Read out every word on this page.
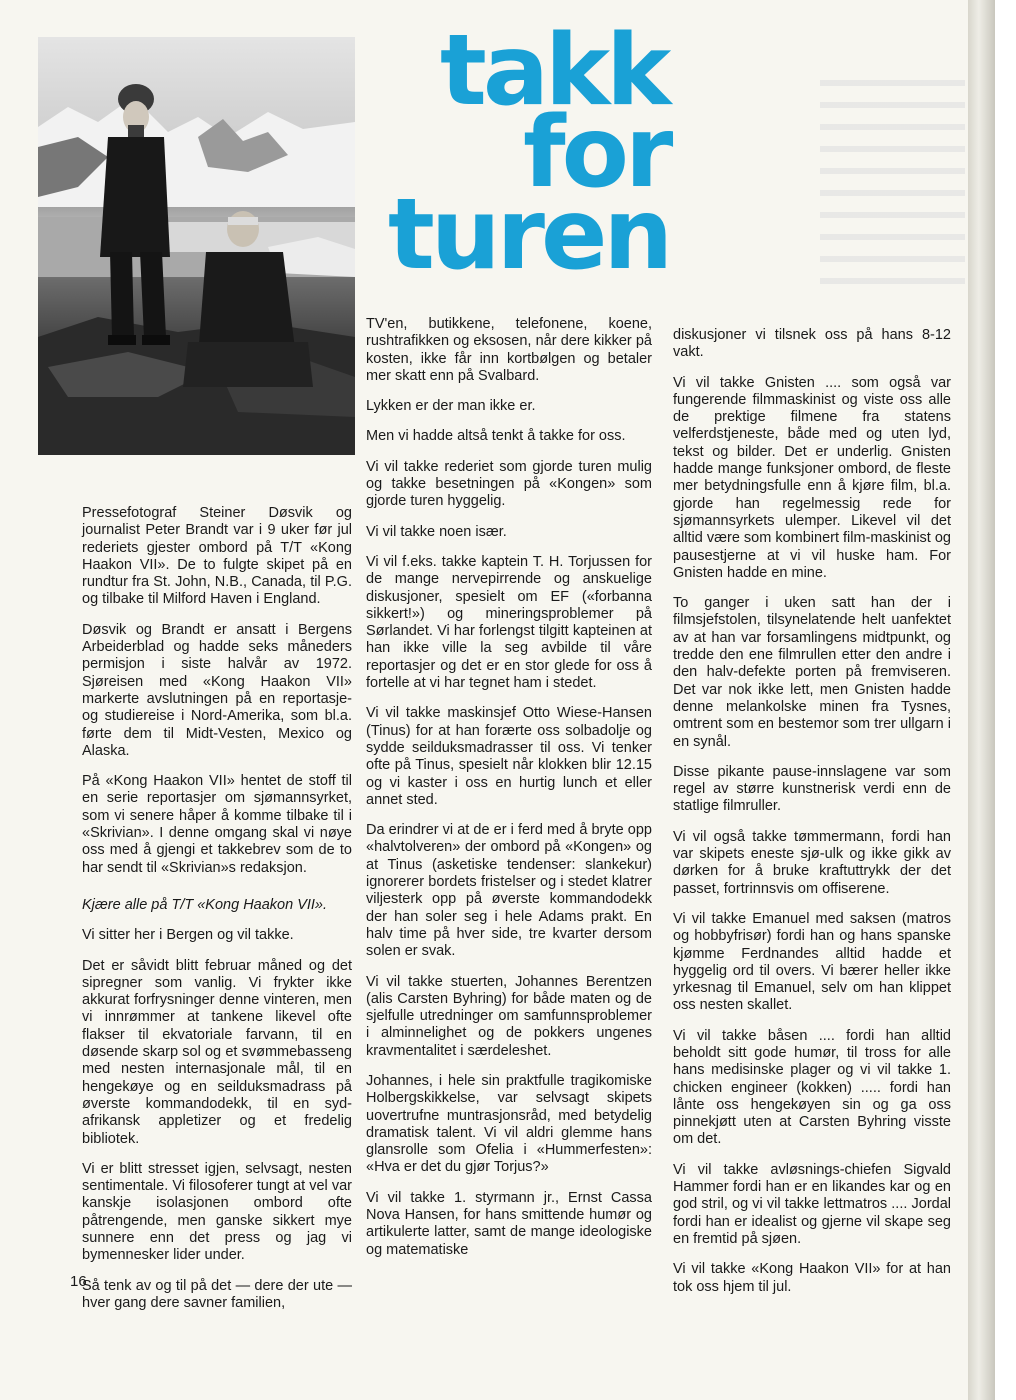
takk
for
turen

Pressefotograf Steiner Døsvik og journalist Peter Brandt var i 9 uker før jul rederiets gjester ombord på T/T «Kong Haakon VII». De to fulgte skipet på en rundtur fra St. John, N.B., Canada, til P.G. og tilbake til Milford Haven i England.

Døsvik og Brandt er ansatt i Bergens Arbeiderblad og hadde seks måneders permisjon i siste halvår av 1972. Sjøreisen med «Kong Haakon VII» markerte avslutningen på en reportasje- og studiereise i Nord-Amerika, som bl.a. førte dem til Midt-Vesten, Mexico og Alaska.

På «Kong Haakon VII» hentet de stoff til en serie reportasjer om sjømannsyrket, som vi senere håper å komme tilbake til i «Skrivian». I denne omgang skal vi nøye oss med å gjengi et takkebrev som de to har sendt til «Skrivian»s redaksjon.

Kjære alle på T/T «Kong Haakon VII».

Vi sitter her i Bergen og vil takke.

Det er såvidt blitt februar måned og det sipregner som vanlig. Vi frykter ikke akkurat forfrysninger denne vinteren, men vi innrømmer at tankene likevel ofte flakser til ekvatoriale farvann, til en døsende skarp sol og et svømmebasseng med nesten internasjonale mål, til en hengekøye og en seilduksmadrass på øverste kommandodekk, til en syd-afrikansk appletizer og et fredelig bibliotek.

Vi er blitt stresset igjen, selvsagt, nesten sentimentale. Vi filosoferer tungt at vel var kanskje isolasjonen ombord ofte påtrengende, men ganske sikkert mye sunnere enn det press og jag vi bymennesker lider under.

Så tenk av og til på det — dere der ute — hver gang dere savner familien,

TV'en, butikkene, telefonene, koene, rushtrafikken og eksosen, når dere kikker på kosten, ikke får inn kortbølgen og betaler mer skatt enn på Svalbard.

Lykken er der man ikke er.

Men vi hadde altså tenkt å takke for oss.

Vi vil takke rederiet som gjorde turen mulig og takke besetningen på «Kongen» som gjorde turen hyggelig.

Vi vil takke noen især.

Vi vil f.eks. takke kaptein T. H. Torjussen for de mange nervepirrende og anskuelige diskusjoner, spesielt om EF («forbanna sikkert!») og mineringsproblemer på Sørlandet. Vi har forlengst tilgitt kapteinen at han ikke ville la seg avbilde til våre reportasjer og det er en stor glede for oss å fortelle at vi har tegnet ham i stedet.

Vi vil takke maskinsjef Otto Wiese-Hansen (Tinus) for at han forærte oss solbadolje og sydde seilduksmadrasser til oss. Vi tenker ofte på Tinus, spesielt når klokken blir 12.15 og vi kaster i oss en hurtig lunch et eller annet sted.

Da erindrer vi at de er i ferd med å bryte opp «halvtolveren» der ombord på «Kongen» og at Tinus (asketiske tendenser: slankekur) ignorerer bordets fristelser og i stedet klatrer viljesterk opp på øverste kommandodekk der han soler seg i hele Adams prakt. En halv time på hver side, tre kvarter dersom solen er svak.

Vi vil takke stuerten, Johannes Berentzen (alis Carsten Byhring) for både maten og de sjelfulle utredninger om samfunnsproblemer i alminnelighet og de pokkers ungenes kravmentalitet i særdeleshet.

Johannes, i hele sin praktfulle tragikomiske Holbergskikkelse, var selvsagt skipets uovertrufne muntrasjonsråd, med betydelig dramatisk talent. Vi vil aldri glemme hans glansrolle som Ofelia i «Hummerfesten»: «Hva er det du gjør Torjus?»

Vi vil takke 1. styrmann jr., Ernst Cassa Nova Hansen, for hans smittende humør og artikulerte latter, samt de mange ideologiske og matematiske

diskusjoner vi tilsnek oss på hans 8-12 vakt.

Vi vil takke Gnisten .... som også var fungerende filmmaskinist og viste oss alle de prektige filmene fra statens velferdstjeneste, både med og uten lyd, tekst og bilder. Det er underlig. Gnisten hadde mange funksjoner ombord, de fleste mer betydningsfulle enn å kjøre film, bl.a. gjorde han regelmessig rede for sjømannsyrkets ulemper. Likevel vil det alltid være som kombinert film-maskinist og pausestjerne at vi vil huske ham. For Gnisten hadde en mine.

To ganger i uken satt han der i filmsjefstolen, tilsynelatende helt uanfektet av at han var forsamlingens midtpunkt, og tredde den ene filmrullen etter den andre i den halv-defekte porten på fremviseren. Det var nok ikke lett, men Gnisten hadde denne melankolske minen fra Tysnes, omtrent som en bestemor som trer ullgarn i en synål.

Disse pikante pause-innslagene var som regel av større kunstnerisk verdi enn de statlige filmruller.

Vi vil også takke tømmermann, fordi han var skipets eneste sjø-ulk og ikke gikk av dørken for å bruke kraftuttrykk der det passet, fortrinnsvis om offiserene.

Vi vil takke Emanuel med saksen (matros og hobbyfrisør) fordi han og hans spanske kjømme Ferdnandes alltid hadde et hyggelig ord til overs. Vi bærer heller ikke yrkesnag til Emanuel, selv om han klippet oss nesten skallet.

Vi vil takke båsen .... fordi han alltid beholdt sitt gode humør, til tross for alle hans medisinske plager og vi vil takke 1. chicken engineer (kokken) ..... fordi han lånte oss hengekøyen sin og ga oss pinnekjøtt uten at Carsten Byhring visste om det.

Vi vil takke avløsnings-chiefen Sigvald Hammer fordi han er en likandes kar og en god stril, og vi vil takke lettmatros .... Jordal fordi han er idealist og gjerne vil skape seg en fremtid på sjøen.

Vi vil takke «Kong Haakon VII» for at han tok oss hjem til jul.

16
